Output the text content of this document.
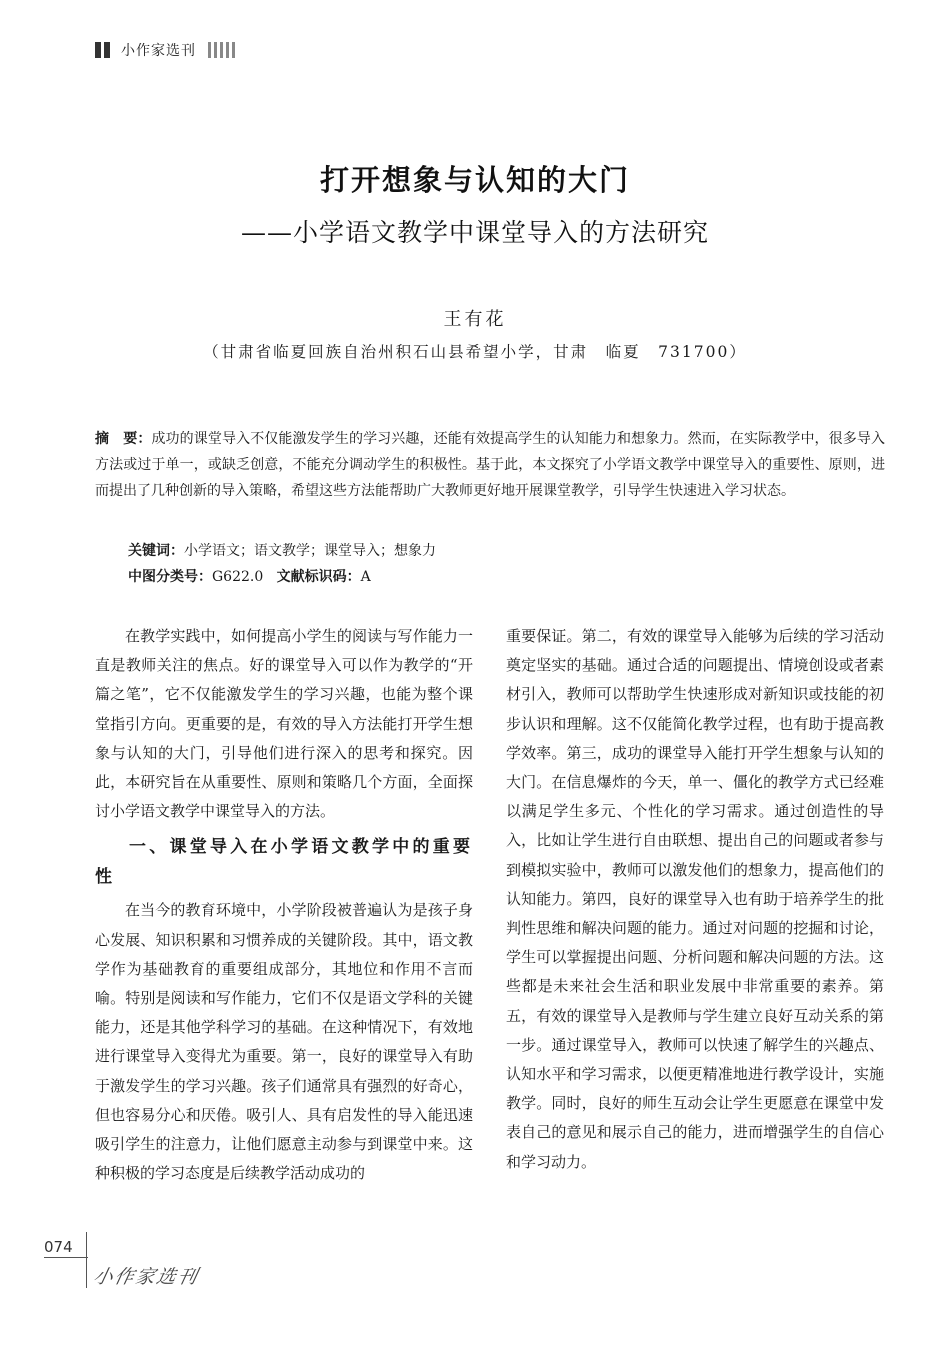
小作家选刊
打开想象与认知的大门
——小学语文教学中课堂导入的方法研究
王有花
（甘肃省临夏回族自治州积石山县希望小学，甘肃　临夏　731700）
摘　要：成功的课堂导入不仅能激发学生的学习兴趣，还能有效提高学生的认知能力和想象力。然而，在实际教学中，很多导入方法或过于单一，或缺乏创意，不能充分调动学生的积极性。基于此，本文探究了小学语文教学中课堂导入的重要性、原则，进而提出了几种创新的导入策略，希望这些方法能帮助广大教师更好地开展课堂教学，引导学生快速进入学习状态。
关键词：小学语文；语文教学；课堂导入；想象力
中图分类号：G622.0 文献标识码：A

在教学实践中，如何提高小学生的阅读与写作能力一直是教师关注的焦点。好的课堂导入可以作为教学的“开篇之笔”，它不仅能激发学生的学习兴趣，也能为整个课堂指引方向。更重要的是，有效的导入方法能打开学生想象与认知的大门，引导他们进行深入的思考和探究。因此，本研究旨在从重要性、原则和策略几个方面，全面探讨小学语文教学中课堂导入的方法。

一、课堂导入在小学语文教学中的重要性

在当今的教育环境中，小学阶段被普遍认为是孩子身心发展、知识积累和习惯养成的关键阶段。其中，语文教学作为基础教育的重要组成部分，其地位和作用不言而喻。特别是阅读和写作能力，它们不仅是语文学科的关键能力，还是其他学科学习的基础。在这种情况下，有效地进行课堂导入变得尤为重要。第一，良好的课堂导入有助于激发学生的学习兴趣。孩子们通常具有强烈的好奇心，但也容易分心和厌倦。吸引人、具有启发性的导入能迅速吸引学生的注意力，让他们愿意主动参与到课堂中来。这种积极的学习态度是后续教学活动成功的

重要保证。第二，有效的课堂导入能够为后续的学习活动奠定坚实的基础。通过合适的问题提出、情境创设或者素材引入，教师可以帮助学生快速形成对新知识或技能的初步认识和理解。这不仅能简化教学过程，也有助于提高教学效率。第三，成功的课堂导入能打开学生想象与认知的大门。在信息爆炸的今天，单一、僵化的教学方式已经难以满足学生多元、个性化的学习需求。通过创造性的导入，比如让学生进行自由联想、提出自己的问题或者参与到模拟实验中，教师可以激发他们的想象力，提高他们的认知能力。第四，良好的课堂导入也有助于培养学生的批判性思维和解决问题的能力。通过对问题的挖掘和讨论，学生可以掌握提出问题、分析问题和解决问题的方法。这些都是未来社会生活和职业发展中非常重要的素养。第五，有效的课堂导入是教师与学生建立良好互动关系的第一步。通过课堂导入，教师可以快速了解学生的兴趣点、认知水平和学习需求，以便更精准地进行教学设计，实施教学。同时，良好的师生互动会让学生更愿意在课堂中发表自己的意见和展示自己的能力，进而增强学生的自信心和学习动力。

074
小作家选刊
